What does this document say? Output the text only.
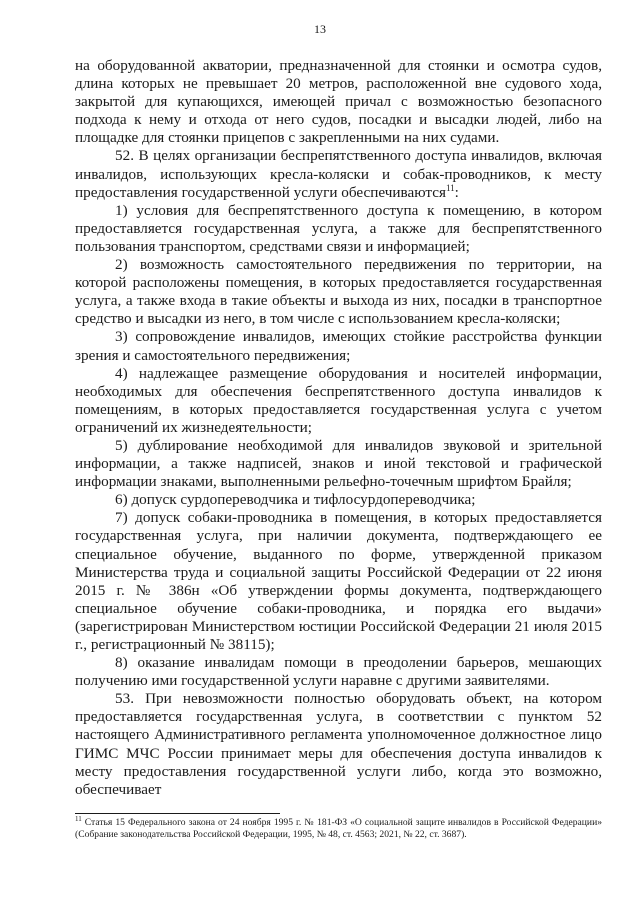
13

на оборудованной акватории, предназначенной для стоянки и осмотра судов, длина которых не превышает 20 метров, расположенной вне судового хода, закрытой для купающихся, имеющей причал с возможностью безопасного подхода к нему и отхода от него судов, посадки и высадки людей, либо на площадке для стоянки прицепов с закрепленными на них судами.

52. В целях организации беспрепятственного доступа инвалидов, включая инвалидов, использующих кресла-коляски и собак-проводников, к месту предоставления государственной услуги обеспечиваются$^{11}$:

1) условия для беспрепятственного доступа к помещению, в котором предоставляется государственная услуга, а также для беспрепятственного пользования транспортом, средствами связи и информацией;

2) возможность самостоятельного передвижения по территории, на которой расположены помещения, в которых предоставляется государственная услуга, а также входа в такие объекты и выхода из них, посадки в транспортное средство и высадки из него, в том числе с использованием кресла-коляски;

3) сопровождение инвалидов, имеющих стойкие расстройства функции зрения и самостоятельного передвижения;

4) надлежащее размещение оборудования и носителей информации, необходимых для обеспечения беспрепятственного доступа инвалидов к помещениям, в которых предоставляется государственная услуга с учетом ограничений их жизнедеятельности;

5) дублирование необходимой для инвалидов звуковой и зрительной информации, а также надписей, знаков и иной текстовой и графической информации знаками, выполненными рельефно-точечным шрифтом Брайля;

6) допуск сурдопереводчика и тифлосурдопереводчика;

7) допуск собаки-проводника в помещения, в которых предоставляется государственная услуга, при наличии документа, подтверждающего ее специальное обучение, выданного по форме, утвержденной приказом Министерства труда и социальной защиты Российской Федерации от 22 июня 2015 г. № 386н «Об утверждении формы документа, подтверждающего специальное обучение собаки-проводника, и порядка его выдачи» (зарегистрирован Министерством юстиции Российской Федерации 21 июля 2015 г., регистрационный № 38115);

8) оказание инвалидам помощи в преодолении барьеров, мешающих получению ими государственной услуги наравне с другими заявителями.

53. При невозможности полностью оборудовать объект, на котором предоставляется государственная услуга, в соответствии с пунктом 52 настоящего Административного регламента уполномоченное должностное лицо ГИМС МЧС России принимает меры для обеспечения доступа инвалидов к месту предоставления государственной услуги либо, когда это возможно, обеспечивает

$^{11}$ Статья 15 Федерального закона от 24 ноября 1995 г. № 181-ФЗ «О социальной защите инвалидов в Российской Федерации» (Собрание законодательства Российской Федерации, 1995, № 48, ст. 4563; 2021, № 22, ст. 3687).
